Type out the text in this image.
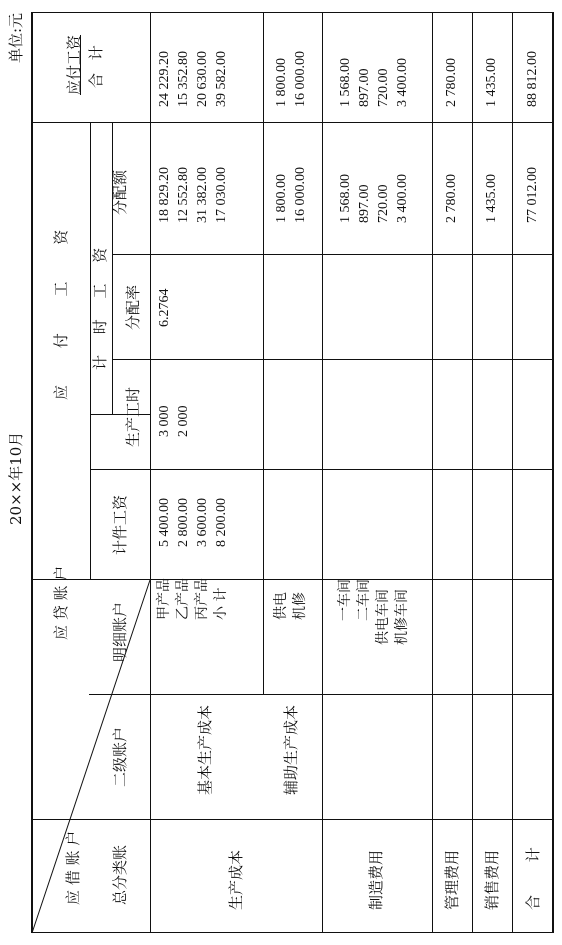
20××年10月
单位:元
应 贷 账 户
应 借 账 户 总分类账
二级账户
明细账户
计件工资
应 付 工 资 计 时 工 资
生产工时
分配率
分配额
应付工资 合 计
生产成本
基本生产成本	辅助生产成本
甲产品 乙产品 丙产品 小 计	供电 机修
5 400.00 2 800.00 3 600.00 8 200.00
3 000 2 000
6.2764
18 829.20 12 552.80 31 382.00 17 030.00
24 229.20 15 352.80 20 630.00 39 582.00
1 800.00 16 000.00
1 800.00 16 000.00
制造费用
一车间 二车间 供电车间 机修车间
1 568.00 897.00 720.00 3 400.00
1 568.00 897.00 720.00 3 400.00
管理费用
2 780.00
2 780.00
销售费用
1 435.00
1 435.00
合 计
77 012.00
88 812.00
